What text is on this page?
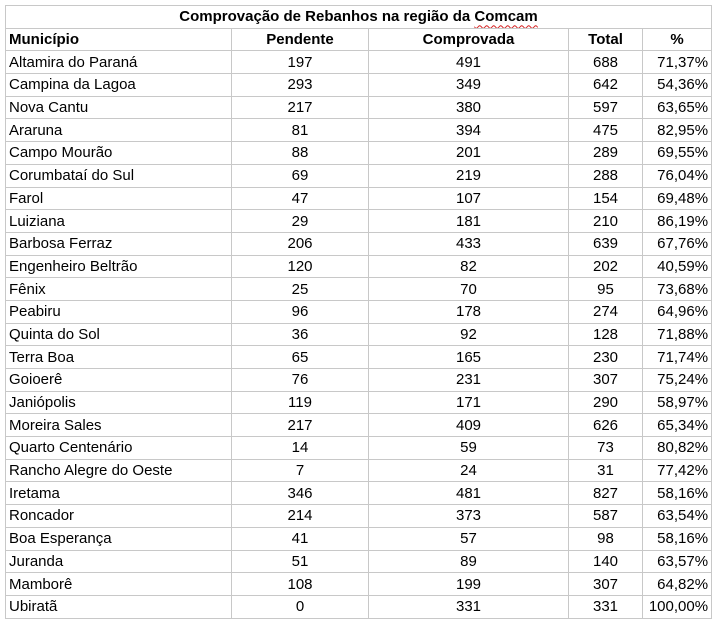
Comprovação de Rebanhos na região da Comcam				
Município	Pendente	Comprovada	Total	%
Altamira do Paraná	197	491	688	71,37%
Campina da Lagoa	293	349	642	54,36%
Nova Cantu	217	380	597	63,65%
Araruna	81	394	475	82,95%
Campo Mourão	88	201	289	69,55%
Corumbataí do Sul	69	219	288	76,04%
Farol	47	107	154	69,48%
Luiziana	29	181	210	86,19%
Barbosa Ferraz	206	433	639	67,76%
Engenheiro Beltrão	120	82	202	40,59%
Fênix	25	70	95	73,68%
Peabiru	96	178	274	64,96%
Quinta do Sol	36	92	128	71,88%
Terra Boa	65	165	230	71,74%
Goioerê	76	231	307	75,24%
Janiópolis	119	171	290	58,97%
Moreira Sales	217	409	626	65,34%
Quarto Centenário	14	59	73	80,82%
Rancho Alegre do Oeste	7	24	31	77,42%
Iretama	346	481	827	58,16%
Roncador	214	373	587	63,54%
Boa Esperança	41	57	98	58,16%
Juranda	51	89	140	63,57%
Mamborê	108	199	307	64,82%
Ubiratã	0	331	331	100,00%
